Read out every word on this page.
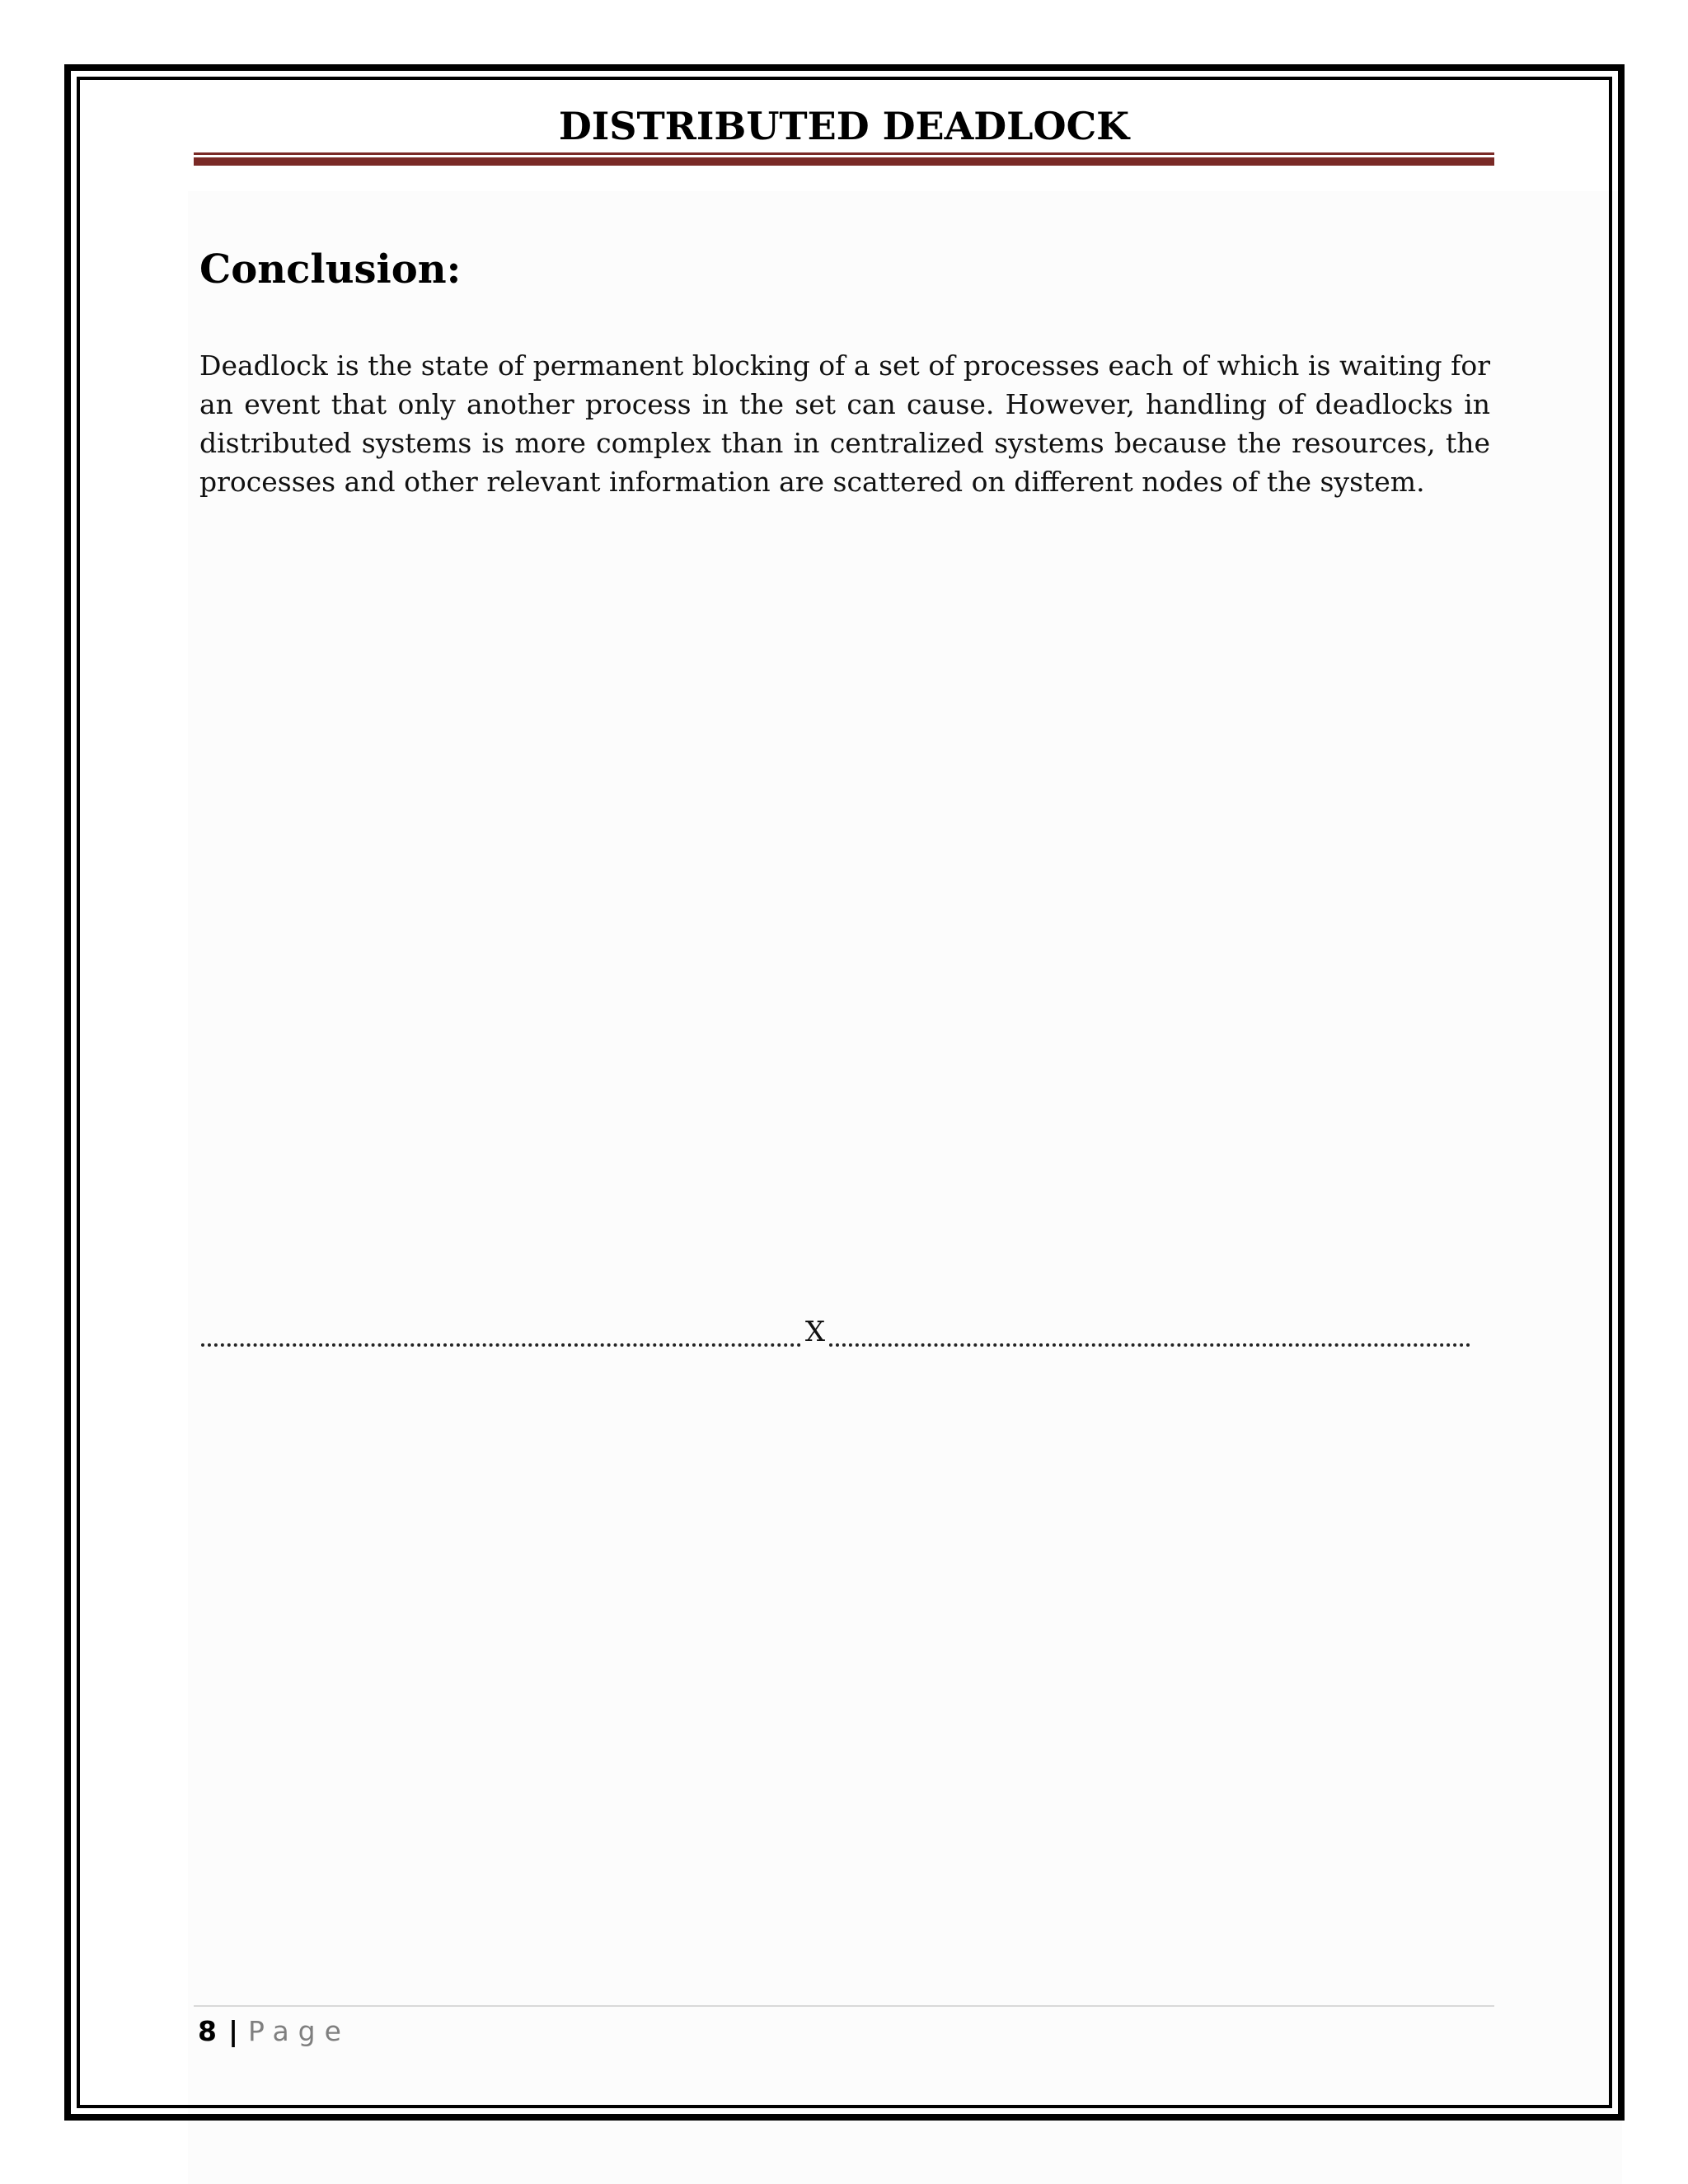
DISTRIBUTED DEADLOCK
Conclusion:
Deadlock is the state of permanent blocking of a set of processes each of which is waiting for an event that only another process in the set can cause. However, handling of deadlocks in distributed systems is more complex than in centralized systems because the resources, the processes and other relevant information are scattered on different nodes of the system.
X
8 | Page
